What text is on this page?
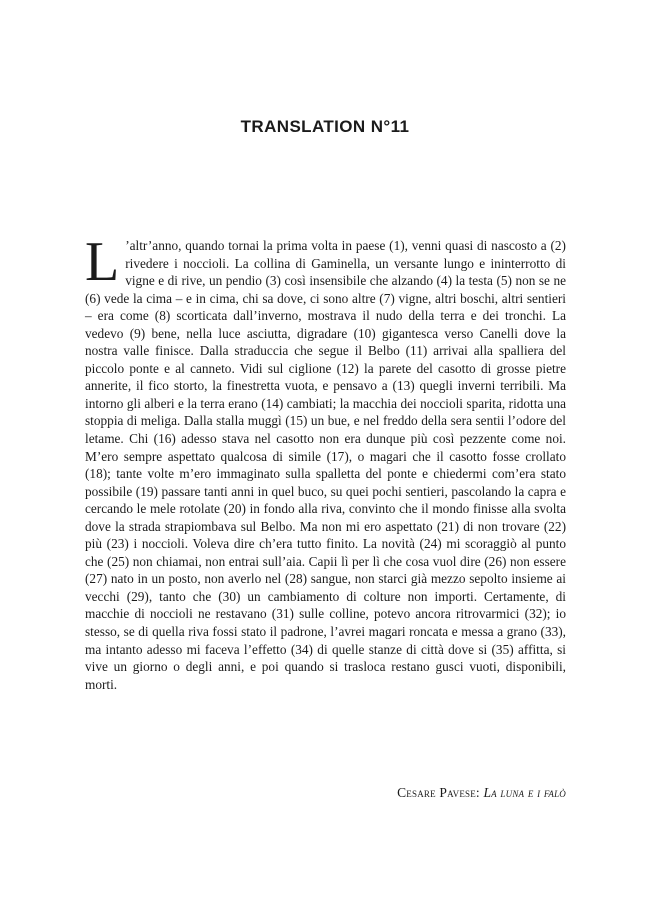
TRANSLATION N°11

L ’altr’anno, quando tornai la prima volta in paese (1), venni quasi di nascosto a (2) rivedere i noccioli. La collina di Gaminella, un versante lungo e ininterrotto di vigne e di rive, un pendio (3) così insensibile che alzando (4) la testa (5) non se ne (6) vede la cima – e in cima, chi sa dove, ci sono altre (7) vigne, altri boschi, altri sentieri – era come (8) scorticata dall’inverno, mostrava il nudo della terra e dei tronchi. La vedevo (9) bene, nella luce asciutta, digradare (10) gigantesca verso Canelli dove la nostra valle finisce. Dalla straduccia che segue il Belbo (11) arrivai alla spalliera del piccolo ponte e al canneto. Vidi sul ciglione (12) la parete del casotto di grosse pietre annerite, il fico storto, la finestretta vuota, e pensavo a (13) quegli inverni terribili. Ma intorno gli alberi e la terra erano (14) cambiati; la macchia dei noccioli sparita, ridotta una stoppia di meliga. Dalla stalla muggì (15) un bue, e nel freddo della sera sentii l’odore del letame. Chi (16) adesso stava nel casotto non era dunque più così pezzente come noi. M’ero sempre aspettato qualcosa di simile (17), o magari che il casotto fosse crollato (18); tante volte m’ero immaginato sulla spalletta del ponte e chiedermi com’era stato possibile (19) passare tanti anni in quel buco, su quei pochi sentieri, pascolando la capra e cercando le mele rotolate (20) in fondo alla riva, convinto che il mondo finisse alla svolta dove la strada strapiombava sul Belbo. Ma non mi ero aspettato (21) di non trovare (22) più (23) i noccioli. Voleva dire ch’era tutto finito. La novità (24) mi scoraggiò al punto che (25) non chiamai, non entrai sull’aia. Capii lì per lì che cosa vuol dire (26) non essere (27) nato in un posto, non averlo nel (28) sangue, non starci già mezzo sepolto insieme ai vecchi (29), tanto che (30) un cambiamento di colture non importi. Certamente, di macchie di noccioli ne restavano (31) sulle colline, potevo ancora ritrovarmici (32); io stesso, se di quella riva fossi stato il padrone, l’avrei magari roncata e messa a grano (33), ma intanto adesso mi faceva l’effetto (34) di quelle stanze di città dove si (35) affitta, si vive un giorno o degli anni, e poi quando si trasloca restano gusci vuoti, disponibili, morti.

Cesare Pavese: La luna e i falò
